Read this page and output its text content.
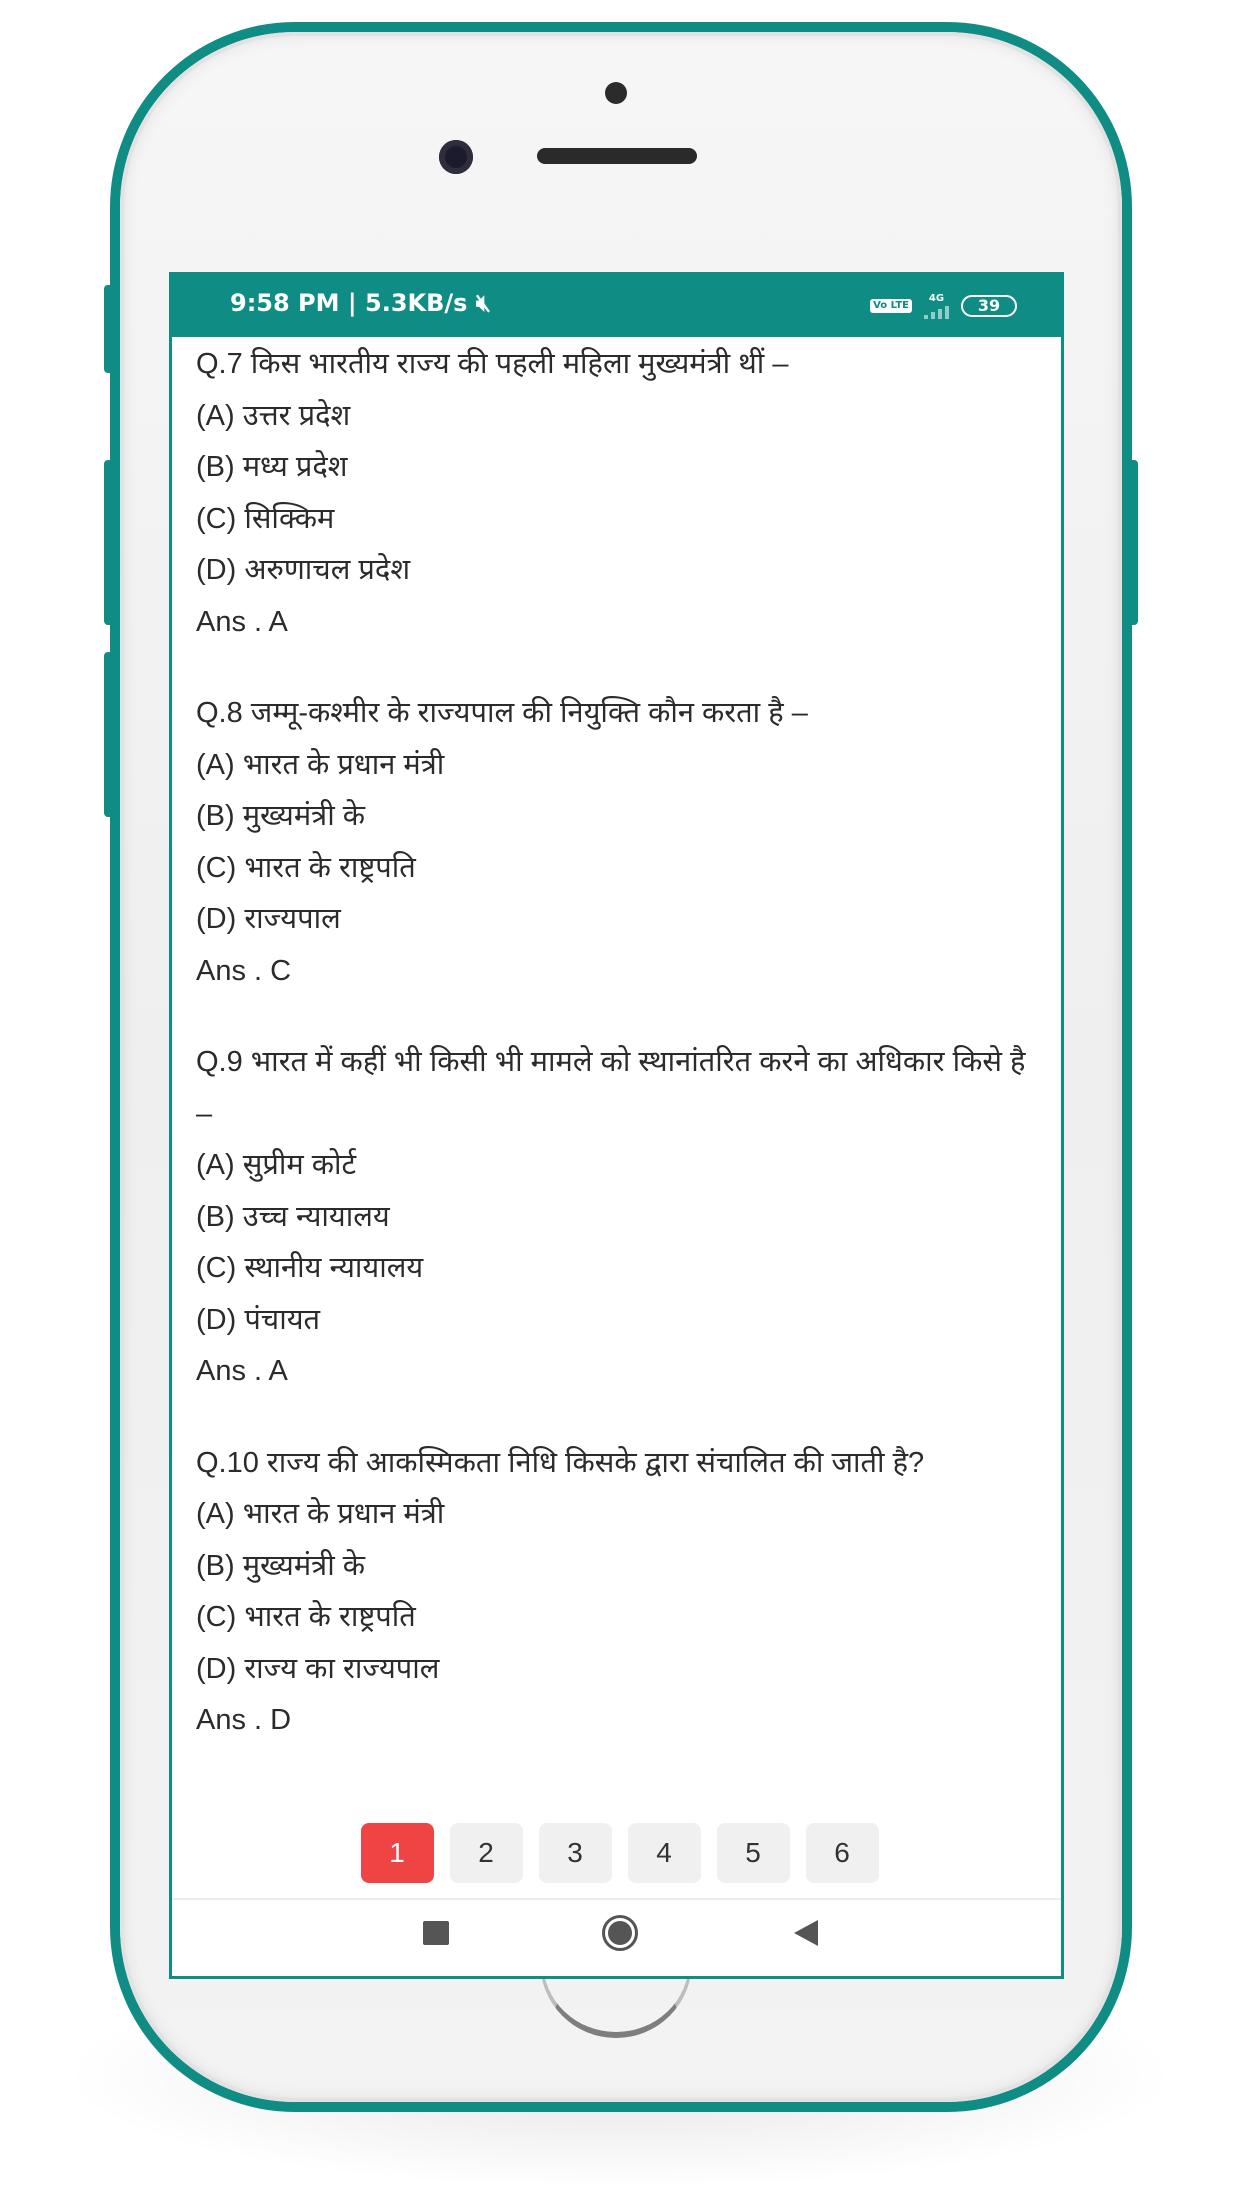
9:58 PM | 5.3KB/s 🔇︎	Vo LTE
4G	39

Q.7 किस भारतीय राज्य की पहली महिला मुख्यमंत्री थीं –

(A) उत्तर प्रदेश

(B) मध्य प्रदेश

(C) सिक्किम

(D) अरुणाचल प्रदेश

Ans . A

Q.8 जम्मू-कश्मीर के राज्यपाल की नियुक्ति कौन करता है –

(A) भारत के प्रधान मंत्री

(B) मुख्यमंत्री के

(C) भारत के राष्ट्रपति

(D) राज्यपाल

Ans . C

Q.9 भारत में कहीं भी किसी भी मामले को स्थानांतरित करने का अधिकार किसे है –

(A) सुप्रीम कोर्ट

(B) उच्च न्यायालय

(C) स्थानीय न्यायालय

(D) पंचायत

Ans . A

Q.10 राज्य की आकस्मिकता निधि किसके द्वारा संचालित की जाती है?

(A) भारत के प्रधान मंत्री

(B) मुख्यमंत्री के

(C) भारत के राष्ट्रपति

(D) राज्य का राज्यपाल

Ans . D

1	2	3	4	5	6
